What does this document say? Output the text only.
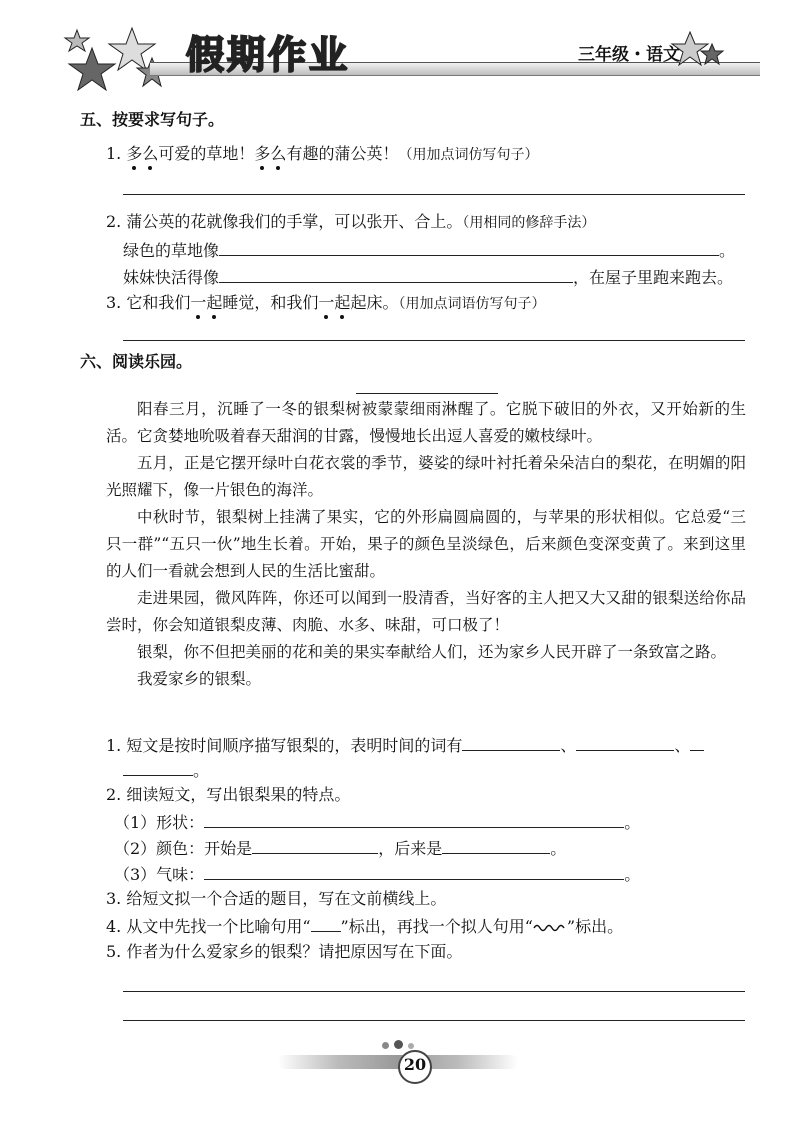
假期作业	三年级・语文
五、按要求写句子。
1. 多么可爱的草地！多么有趣的蒲公英！（用加点词仿写句子）
2. 蒲公英的花就像我们的手掌，可以张开、合上。（用相同的修辞手法）
绿色的草地像	。
妹妹快活得像	，在屋子里跑来跑去。
3. 它和我们一起睡觉，和我们一起起床。（用加点词语仿写句子）
六、阅读乐园。

阳春三月，沉睡了一冬的银梨树被蒙蒙细雨淋醒了。它脱下破旧的外衣，又开始新的生活。它贪婪地吮吸着春天甜润的甘露，慢慢地长出逗人喜爱的嫩枝绿叶。

五月，正是它摆开绿叶白花衣裳的季节，婆娑的绿叶衬托着朵朵洁白的梨花，在明媚的阳光照耀下，像一片银色的海洋。

中秋时节，银梨树上挂满了果实，它的外形扁圆扁圆的，与苹果的形状相似。它总爱“三只一群”“五只一伙”地生长着。开始，果子的颜色呈淡绿色，后来颜色变深变黄了。来到这里的人们一看就会想到人民的生活比蜜甜。

走进果园，微风阵阵，你还可以闻到一股清香，当好客的主人把又大又甜的银梨送给你品尝时，你会知道银梨皮薄、肉脆、水多、味甜，可口极了！

银梨，你不但把美丽的花和美的果实奉献给人们，还为家乡人民开辟了一条致富之路。

我爱家乡的银梨。

1. 短文是按时间顺序描写银梨的，表明时间的词有	、	、
。
2. 细读短文，写出银梨果的特点。
（1）形状：	。
（2）颜色：开始是	，后来是	。
（3）气味：	。
3. 给短文拟一个合适的题目，写在文前横线上。
4. 从文中先找一个比喻句用“ ”标出，再找一个拟人句用“ ”标出。
5. 作者为什么爱家乡的银梨？请把原因写在下面。
20
